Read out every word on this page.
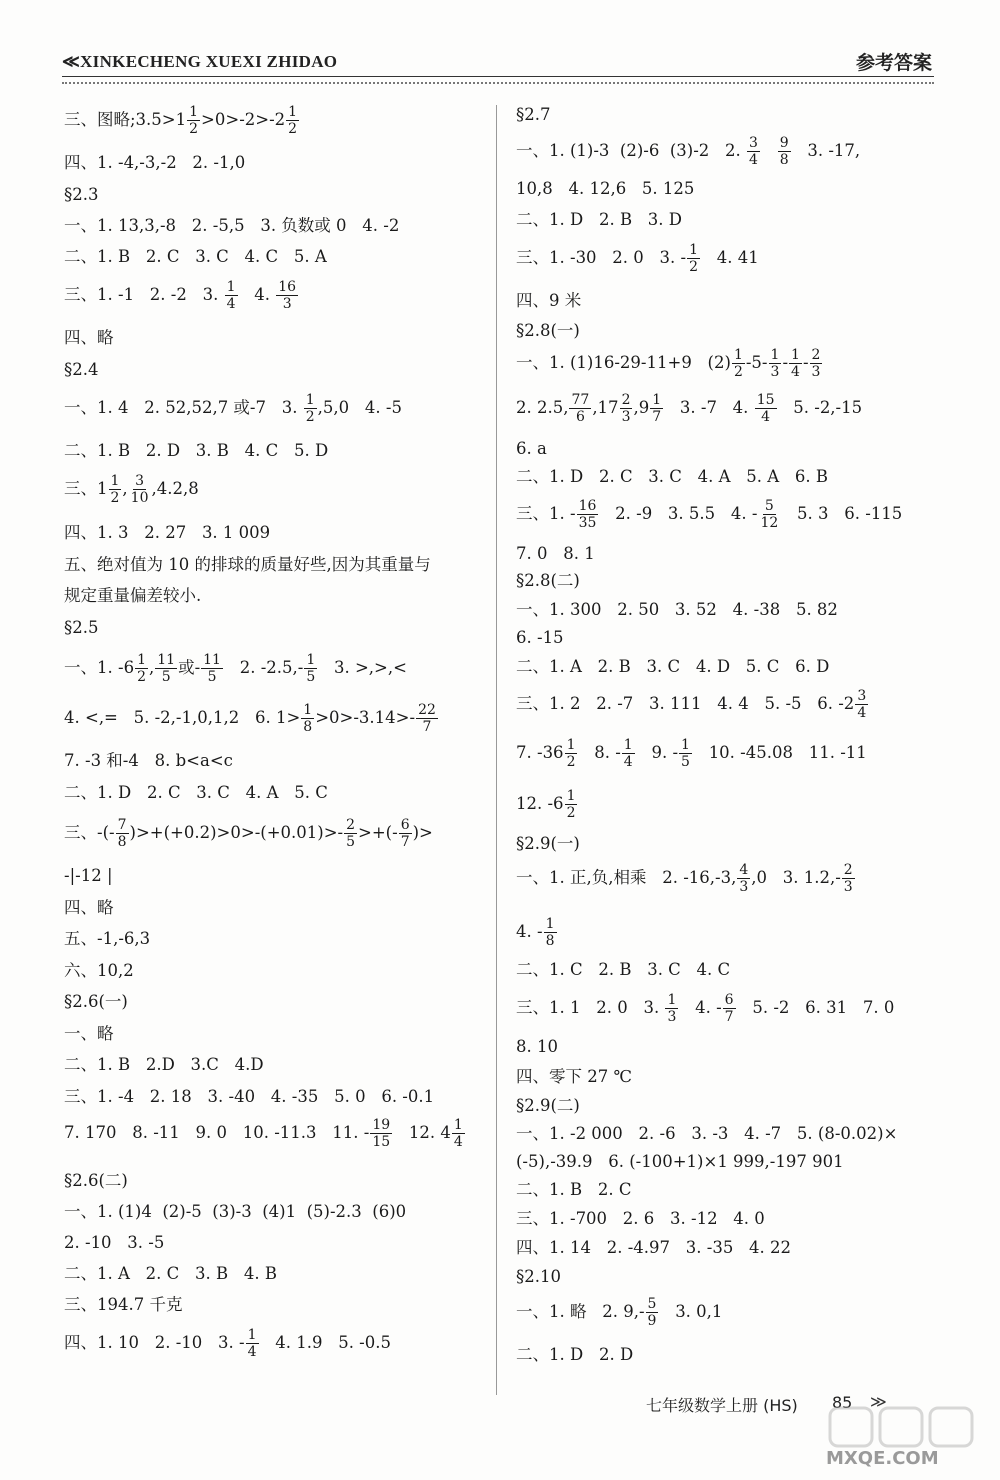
≪XINKECHENG XUEXI ZHIDAO	参考答案
三、图略;3.5>1 $\frac{1}{2} >0>-2>-2 \frac{1}{2}$
四、1. -4,-3,-2   2. -1,0
§2.3
一、1. 13,3,-8   2. -5,5   3. 负数或 0   4. -2
二、1. B   2. C   3. C   4. C   5. A
三、1. -1   2. -2   3. $\frac{1}{4} 4$. $\frac{16}{3}$
四、略
§2.4
一、1. 4   2. 52,52,7 或-7   3. $\frac{1}{2} ,5,0$   4. -5
二、1. B   2. D   3. B   4. C   5. D
三、$1 \frac{1}{2}$ , $\frac{3}{10} ,4.2,8$
四、1. 3   2. 27   3. 1 009
五、绝对值为 10 的排球的质量好些,因为其重量与
规定重量偏差较小.
§2.5
一、1. $-6 \frac{1}{2}$ , $\frac{11}{5}$ 或- $\frac{11}{5} 2$. $-2.5,- \frac{1}{5} 3$. >,>,<
4. <,=   5. -2,-1,0,1,2   6. $1> \frac{1}{8} >0>-3.14>- \frac{22}{7}$
7. -3 和-4   8. b<a<c
二、1. D   2. C   3. C   4. A   5. C
三、-(- $\frac{7}{8} )>+(+0.2)>0>-(+0.01)>- \frac{2}{5}$ >+(- $\frac{6}{7}$ )>
-|-12 |
四、略
五、-1,-6,3
六、10,2
§2.6(一)
一、略
二、1. B   2.D   3.C   4.D
三、1. -4   2. 18   3. -40   4. -35   5. 0   6. -0.1
7. 170   8. -11   9. 0   10. -11.3   11. - $\frac{19}{15} 12$. $4 \frac{1}{4}$
§2.6(二)
一、1. (1)4  (2)-5  (3)-3  (4)1  (5)-2.3  (6)0
2. -10   3. -5
二、1. A   2. C   3. B   4. B
三、194.7 千克
四、1. 10   2. -10   3. - $\frac{1}{4} 4$. 1.9   5. -0.5
§2.7
一、1. (1)-3  (2)-6  (3)-2   2. $\frac{3}{4}$
$\frac{9}{8} 3$. -17,
10,8   4. 12,6   5. 125
二、1. D   2. B   3. D
三、1. -30   2. 0   3. - $\frac{1}{2} 4$. 41
四、9 米
§2.8(一)
一、1. (1)16-29-11+9   $(2) \frac{1}{2} -5- \frac{1}{3} - \frac{1}{4} - \frac{2}{3}$
2. 2.5, $\frac{77}{6} ,17 \frac{2}{3} ,9 \frac{1}{7} 3$. -7   4. $\frac{15}{4} 5$. -2,-15
6. a
二、1. D   2. C   3. C   4. A   5. A   6. B
三、1. - $\frac{16}{35} 2$. -9   3. 5.5   4. - $\frac{5}{12} 5$. 3   6. -115
7. 0   8. 1
§2.8(二)
一、1. 300   2. 50   3. 52   4. -38   5. 82
6. -15
二、1. A   2. B   3. C   4. D   5. C   6. D
三、1. 2   2. -7   3. 111   4. 4   5. -5   6. $-2 \frac{3}{4}$
7. $-36 \frac{1}{2} 8$. - $\frac{1}{4} 9$. - $\frac{1}{5} 10$. -45.08   11. -11
12. $-6 \frac{1}{2}$
§2.9(一)
一、1. 正,负,相乘   2. -16,-3, $\frac{4}{3} ,0$   3. $1.2,- \frac{2}{3}$
4. - $\frac{1}{8}$
二、1. C   2. B   3. C   4. C
三、1. 1   2. 0   3. $\frac{1}{3} 4$. - $\frac{6}{7} 5$. -2   6. 31   7. 0
8. 10
四、零下 27 ℃
§2.9(二)
一、1. -2 000   2. -6   3. -3   4. -7   5. (8-0.02)×
(-5),-39.9   6. (-100+1)×1 999,-197 901
二、1. B   2. C
三、1. -700   2. 6   3. -12   4. 0
四、1. 14   2. -4.97   3. -35   4. 22
§2.10
一、1. 略   2. $9,- \frac{5}{9} 3$. 0,1
二、1. D   2. D
七年级数学上册 (HS) 85 ≫
MXQE.COM
